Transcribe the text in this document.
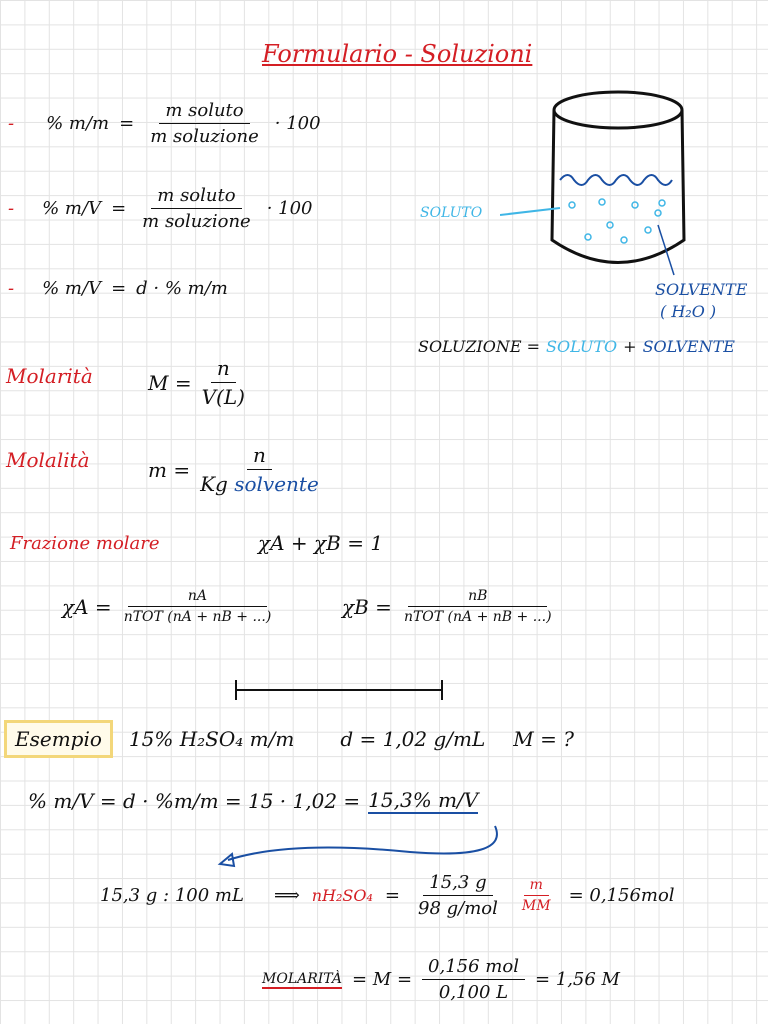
Formulario - Soluzioni
- % $m/m = \frac{\text{m soluto}}{\text{m soluzione}} \cdot 100$
- % $m/V = \frac{\text{m soluto}}{\text{m soluzione}} \cdot 100$
- % m/V = d · % m/m
SOLUTO
SOLVENTE
( H₂O )
SOLUZIONE = SOLUTO + SOLVENTE
Molarità	$M = \frac{n}{V(L)}$
Molalità	$m = \frac{n}{\text{Kg solvente}}$
Frazione molare	χA + χB = 1
$\chi A = \frac{nA}{\text{nTOT (nA + nB + ...)}}$	$\chi B = \frac{nB}{\text{nTOT (nA + nB + ...)}}$
Esempio	15% H₂SO₄ m/m d = 1,02 g/mL M = ?
% m/V = d · %m/m = 15 · 1,02 = 15,3% m/V
15,3 g : 100 mL ⟹ $nH_2SO_4 = \frac{15,3 g}{\text{98 g/mol}} \frac{m}{MM} = 0,156mol$
MOLARITÀ = $M = \frac{\text{0,156 mol}}{0,100 L} = 1,56$ M
